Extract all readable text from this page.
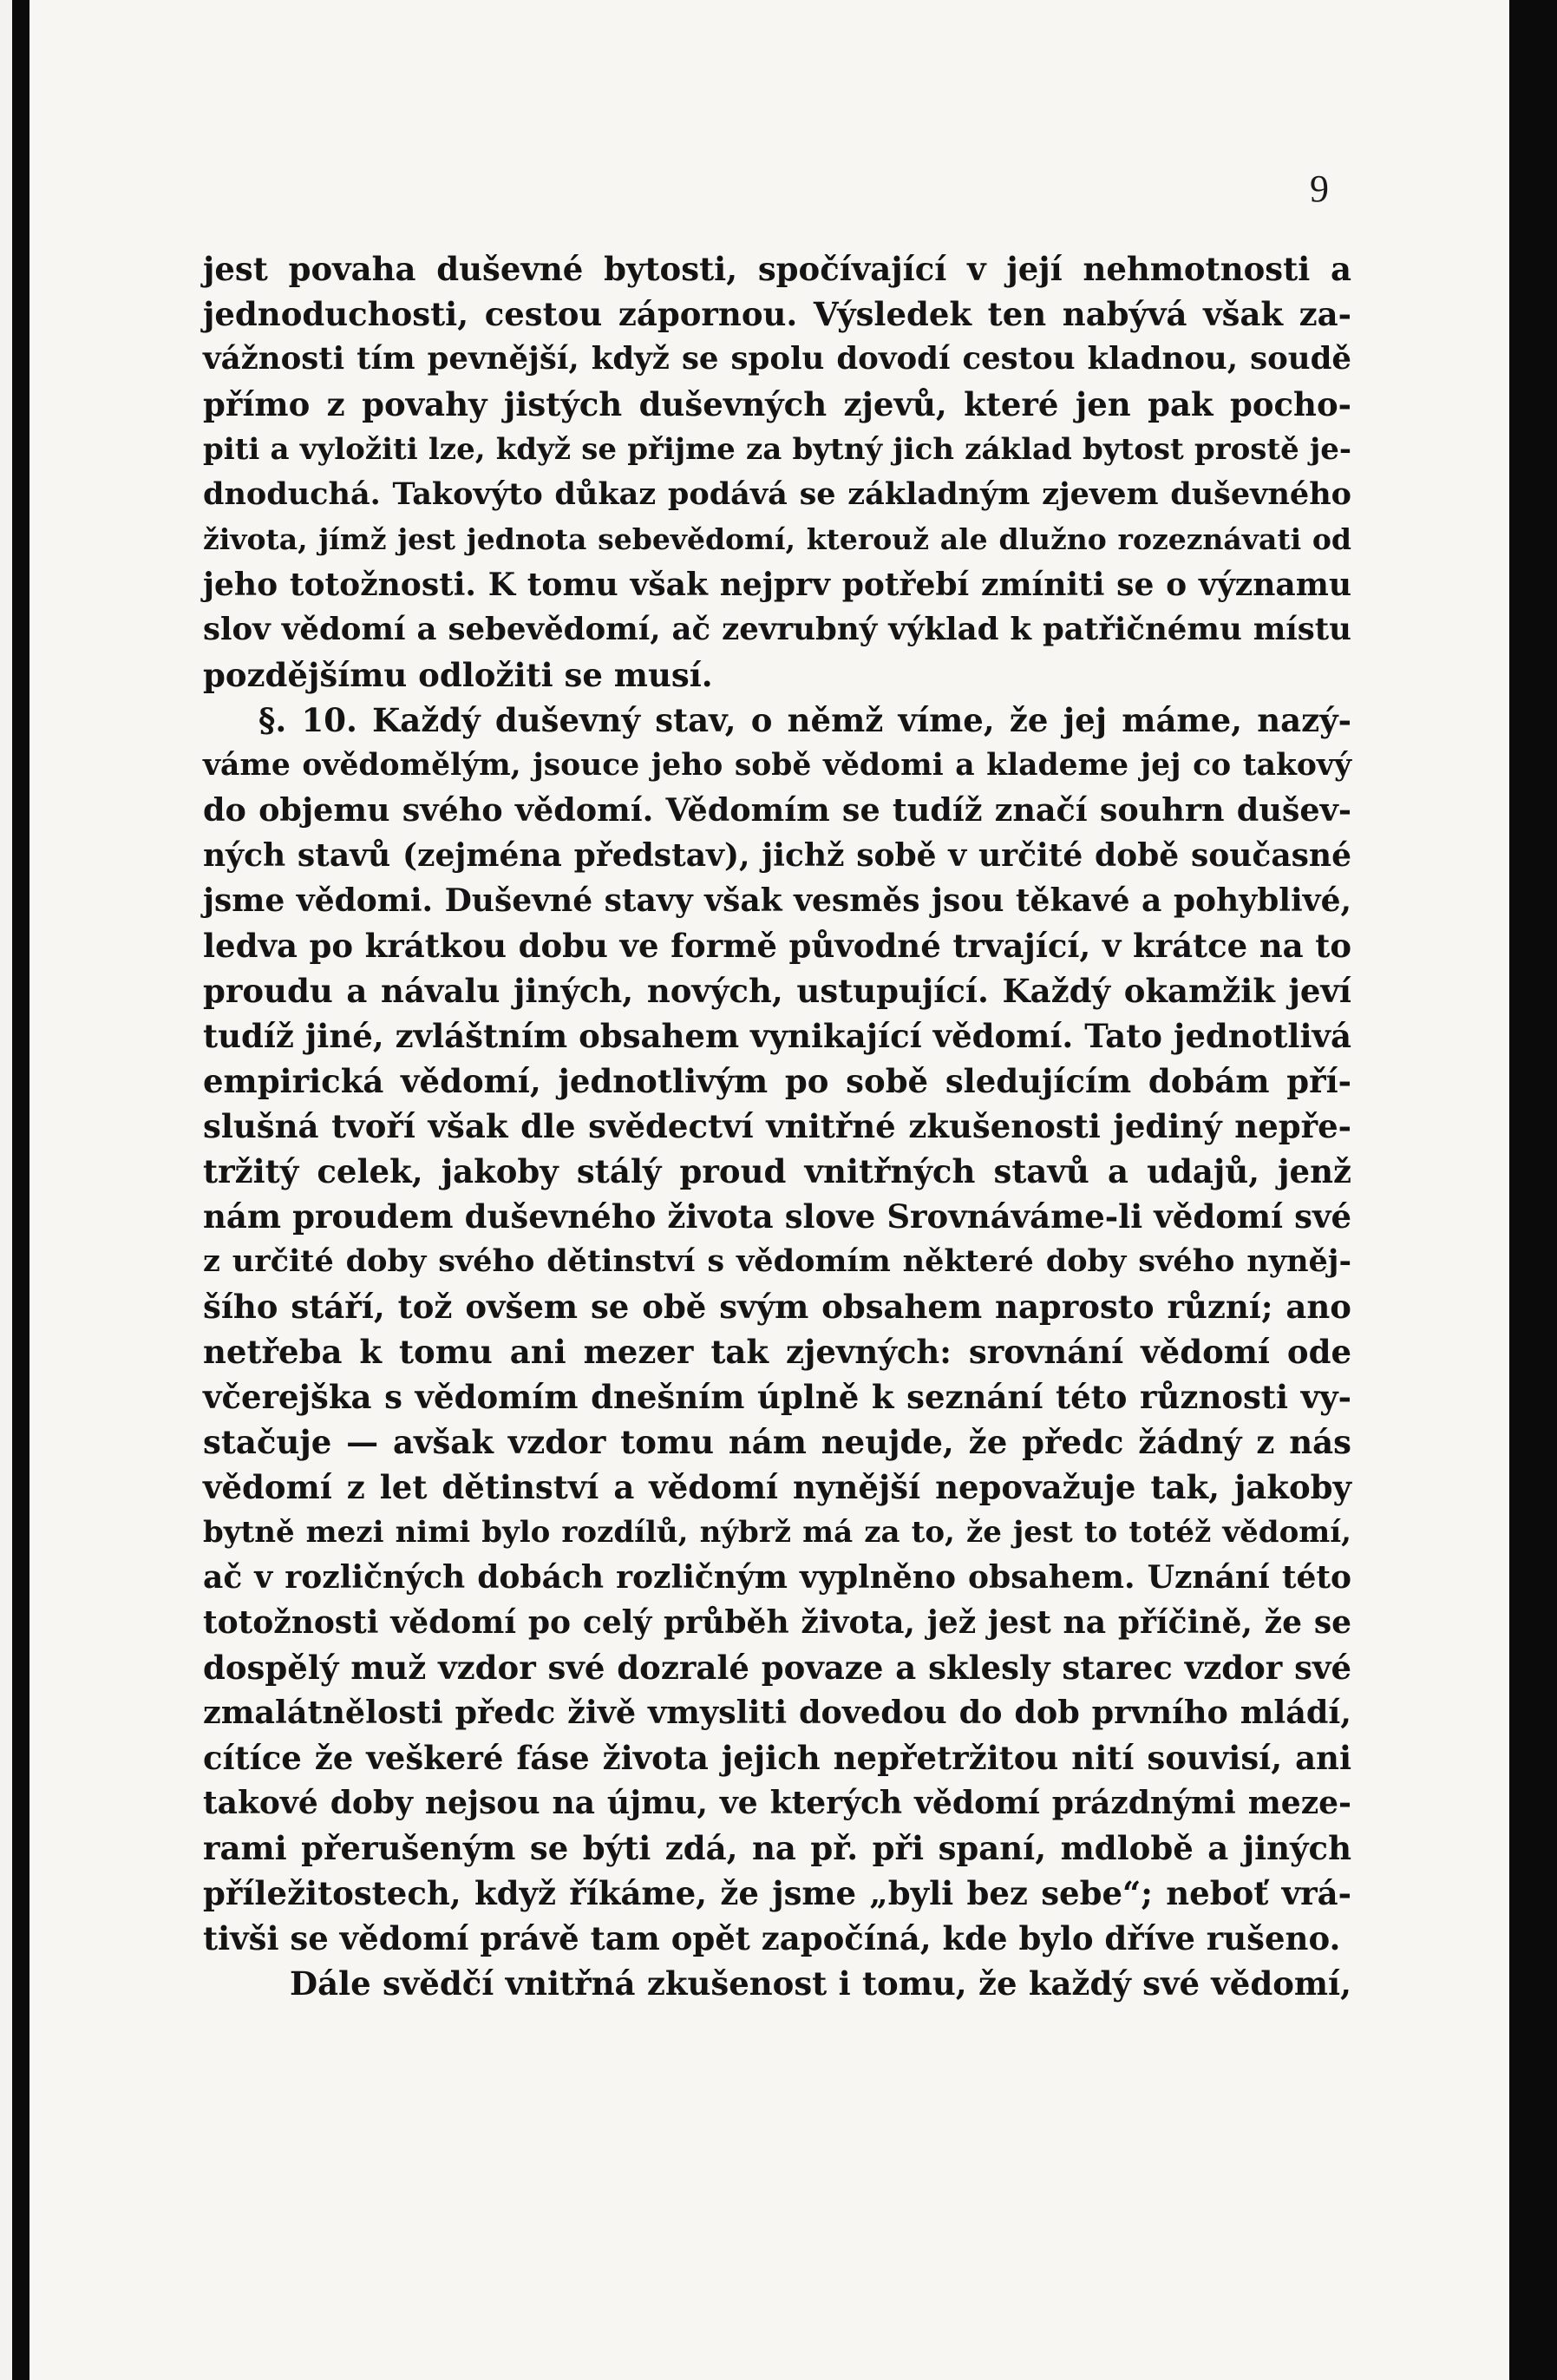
9
jest povaha duševné bytosti, spočívající v její nehmotnosti a
jednoduchosti, cestou zápornou. Výsledek ten nabývá však za-
vážnosti tím pevnější, když se spolu dovodí cestou kladnou, soudě
přímo z povahy jistých duševných zjevů, které jen pak pocho-
piti a vyložiti lze, když se přijme za bytný jich základ bytost prostě je-
dnoduchá. Takovýto důkaz podává se základným zjevem duševného
života, jímž jest jednota sebevědomí, kterouž ale dlužno rozeznávati od
jeho totožnosti. K tomu však nejprv potřebí zmíniti se o významu
slov vědomí a sebevědomí, ač zevrubný výklad k patřičnému místu
pozdějšímu odložiti se musí.
§. 10. Každý duševný stav, o němž víme, že jej máme, nazý-
váme ovědomělým, jsouce jeho sobě vědomi a klademe jej co takový
do objemu svého vědomí. Vědomím se tudíž značí souhrn dušev-
ných stavů (zejména představ), jichž sobě v určité době současné
jsme vědomi. Duševné stavy však vesměs jsou těkavé a pohyblivé,
ledva po krátkou dobu ve formě původné trvající, v krátce na to
proudu a návalu jiných, nových, ustupující. Každý okamžik jeví
tudíž jiné, zvláštním obsahem vynikající vědomí. Tato jednotlivá
empirická vědomí, jednotlivým po sobě sledujícím dobám pří-
slušná tvoří však dle svědectví vnitřné zkušenosti jediný nepře-
tržitý celek, jakoby stálý proud vnitřných stavů a udajů, jenž
nám proudem duševného života slove Srovnáváme-li vědomí své
z určité doby svého dětinství s vědomím některé doby svého nyněj-
šího stáří, tož ovšem se obě svým obsahem naprosto různí; ano
netřeba k tomu ani mezer tak zjevných: srovnání vědomí ode
včerejška s vědomím dnešním úplně k seznání této různosti vy-
stačuje — avšak vzdor tomu nám neujde, že předc žádný z nás
vědomí z let dětinství a vědomí nynější nepovažuje tak, jakoby
bytně mezi nimi bylo rozdílů, nýbrž má za to, že jest to totéž vědomí,
ač v rozličných dobách rozličným vyplněno obsahem. Uznání této
totožnosti vědomí po celý průběh života, jež jest na příčině, že se
dospělý muž vzdor své dozralé povaze a sklesly starec vzdor své
zmalátnělosti předc živě vmysliti dovedou do dob prvního mládí,
cítíce že veškeré fáse života jejich nepřetržitou nití souvisí, ani
takové doby nejsou na újmu, ve kterých vědomí prázdnými meze-
rami přerušeným se býti zdá, na př. při spaní, mdlobě a jiných
příležitostech, když říkáme, že jsme „byli bez sebe“; neboť vrá-
tivši se vědomí právě tam opět započíná, kde bylo dříve rušeno.
Dále svědčí vnitřná zkušenost i tomu, že každý své vědomí,
